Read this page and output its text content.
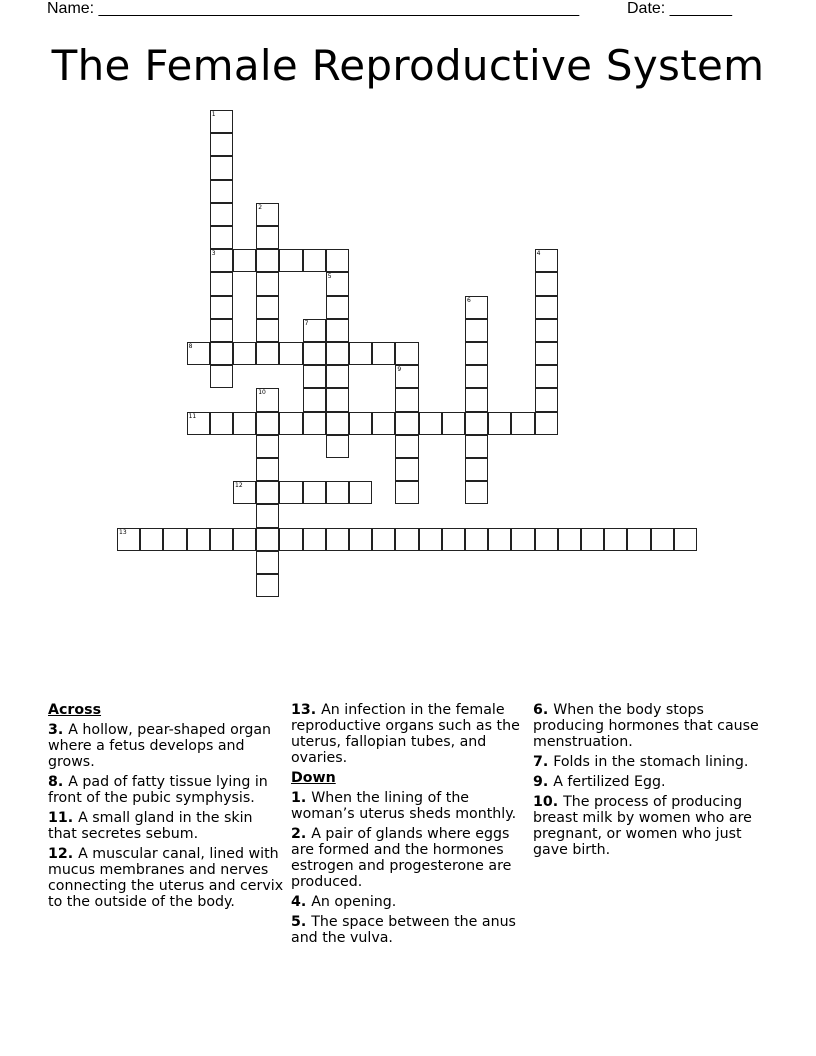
Name: ______________________________________________________	Date: _______
The Female Reproductive System
1
3
2
4
5
6
7
8
9
10
11
12
13
Across
3. A hollow, pear-shaped organ where a fetus develops and grows.
8. A pad of fatty tissue lying in front of the pubic symphysis.
11. A small gland in the skin that secretes sebum.
12. A muscular canal, lined with mucus membranes and nerves connecting the uterus and cervix to the outside of the body.
13. An infection in the female reproductive organs such as the uterus, fallopian tubes, and ovaries.
Down
1. When the lining of the woman’s uterus sheds monthly.
2. A pair of glands where eggs are formed and the hormones estrogen and progesterone are produced.
4. An opening.
5. The space between the anus and the vulva.
6. When the body stops producing hormones that cause menstruation.
7. Folds in the stomach lining.
9. A fertilized Egg.
10. The process of producing breast milk by women who are pregnant, or women who just gave birth.
